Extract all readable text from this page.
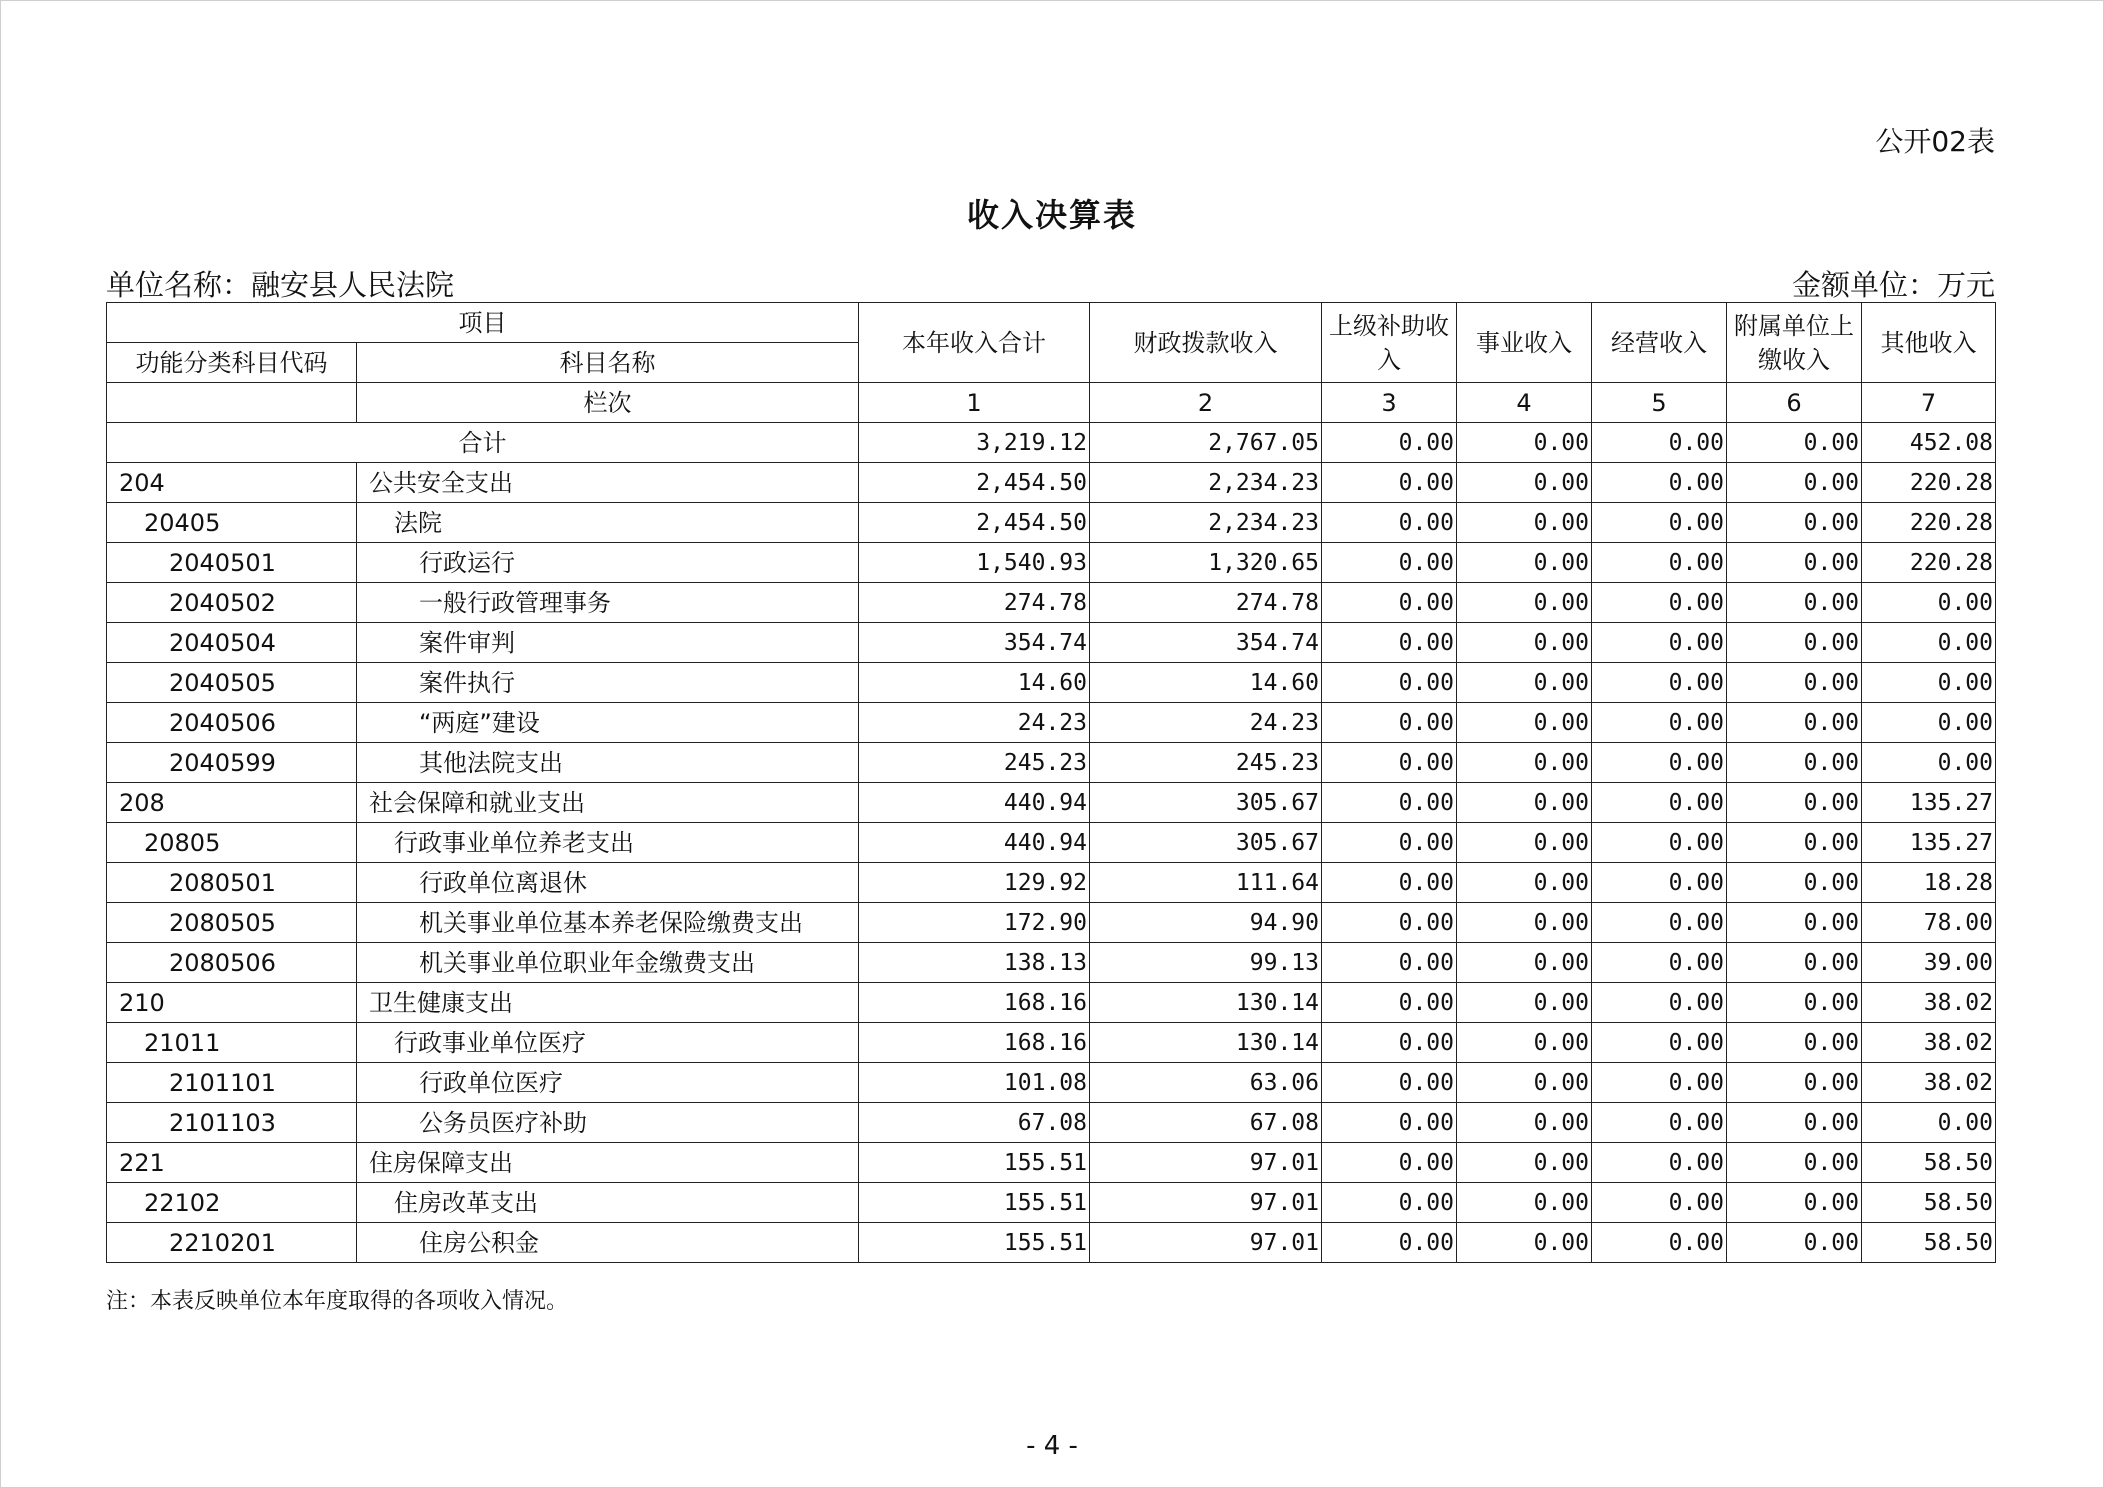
公开02表
收入决算表
单位名称：融安县人民法院	金额单位：万元
项目		本年收入合计	财政拨款收入	上级补助收入	事业收入	经营收入	附属单位上缴收入	其他收入
功能分类科目代码	科目名称							
	栏次	1	2	3	4	5	6	7
合计		3,219.12	2,767.05	0.00	0.00	0.00	0.00	452.08
204	公共安全支出	2,454.50	2,234.23	0.00	0.00	0.00	0.00	220.28
20405	法院	2,454.50	2,234.23	0.00	0.00	0.00	0.00	220.28
2040501	行政运行	1,540.93	1,320.65	0.00	0.00	0.00	0.00	220.28
2040502	一般行政管理事务	274.78	274.78	0.00	0.00	0.00	0.00	0.00
2040504	案件审判	354.74	354.74	0.00	0.00	0.00	0.00	0.00
2040505	案件执行	14.60	14.60	0.00	0.00	0.00	0.00	0.00
2040506	“两庭”建设	24.23	24.23	0.00	0.00	0.00	0.00	0.00
2040599	其他法院支出	245.23	245.23	0.00	0.00	0.00	0.00	0.00
208	社会保障和就业支出	440.94	305.67	0.00	0.00	0.00	0.00	135.27
20805	行政事业单位养老支出	440.94	305.67	0.00	0.00	0.00	0.00	135.27
2080501	行政单位离退休	129.92	111.64	0.00	0.00	0.00	0.00	18.28
2080505	机关事业单位基本养老保险缴费支出	172.90	94.90	0.00	0.00	0.00	0.00	78.00
2080506	机关事业单位职业年金缴费支出	138.13	99.13	0.00	0.00	0.00	0.00	39.00
210	卫生健康支出	168.16	130.14	0.00	0.00	0.00	0.00	38.02
21011	行政事业单位医疗	168.16	130.14	0.00	0.00	0.00	0.00	38.02
2101101	行政单位医疗	101.08	63.06	0.00	0.00	0.00	0.00	38.02
2101103	公务员医疗补助	67.08	67.08	0.00	0.00	0.00	0.00	0.00
221	住房保障支出	155.51	97.01	0.00	0.00	0.00	0.00	58.50
22102	住房改革支出	155.51	97.01	0.00	0.00	0.00	0.00	58.50
2210201	住房公积金	155.51	97.01	0.00	0.00	0.00	0.00	58.50
注：本表反映单位本年度取得的各项收入情况。
- 4 -
